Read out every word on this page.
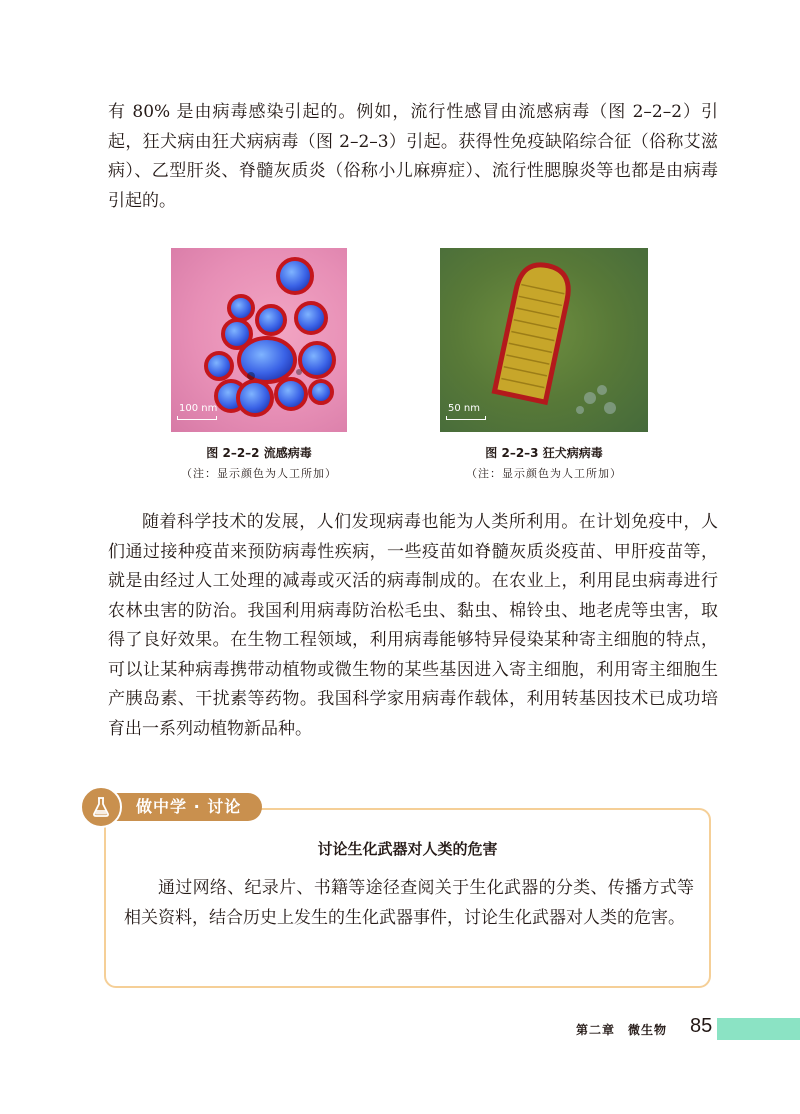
有 80% 是由病毒感染引起的。例如，流行性感冒由流感病毒（图 2–2–2）引起，狂犬病由狂犬病病毒（图 2–2–3）引起。获得性免疫缺陷综合征（俗称艾滋病）、乙型肝炎、脊髓灰质炎（俗称小儿麻痹症）、流行性腮腺炎等也都是由病毒引起的。

100 nm
图 2–2–2 流感病毒
（注：显示颜色为人工所加）
50 nm
图 2–2–3 狂犬病病毒
（注：显示颜色为人工所加）

随着科学技术的发展，人们发现病毒也能为人类所利用。在计划免疫中，人们通过接种疫苗来预防病毒性疾病，一些疫苗如脊髓灰质炎疫苗、甲肝疫苗等，就是由经过人工处理的减毒或灭活的病毒制成的。在农业上，利用昆虫病毒进行农林虫害的防治。我国利用病毒防治松毛虫、黏虫、棉铃虫、地老虎等虫害，取得了良好效果。在生物工程领域，利用病毒能够特异侵染某种寄主细胞的特点，可以让某种病毒携带动植物或微生物的某些基因进入寄主细胞，利用寄主细胞生产胰岛素、干扰素等药物。我国科学家用病毒作载体，利用转基因技术已成功培育出一系列动植物新品种。

讨论生化武器对人类的危害

通过网络、纪录片、书籍等途径查阅关于生化武器的分类、传播方式等相关资料，结合历史上发生的生化武器事件，讨论生化武器对人类的危害。

做中学 · 讨论
第二章　微生物 85
